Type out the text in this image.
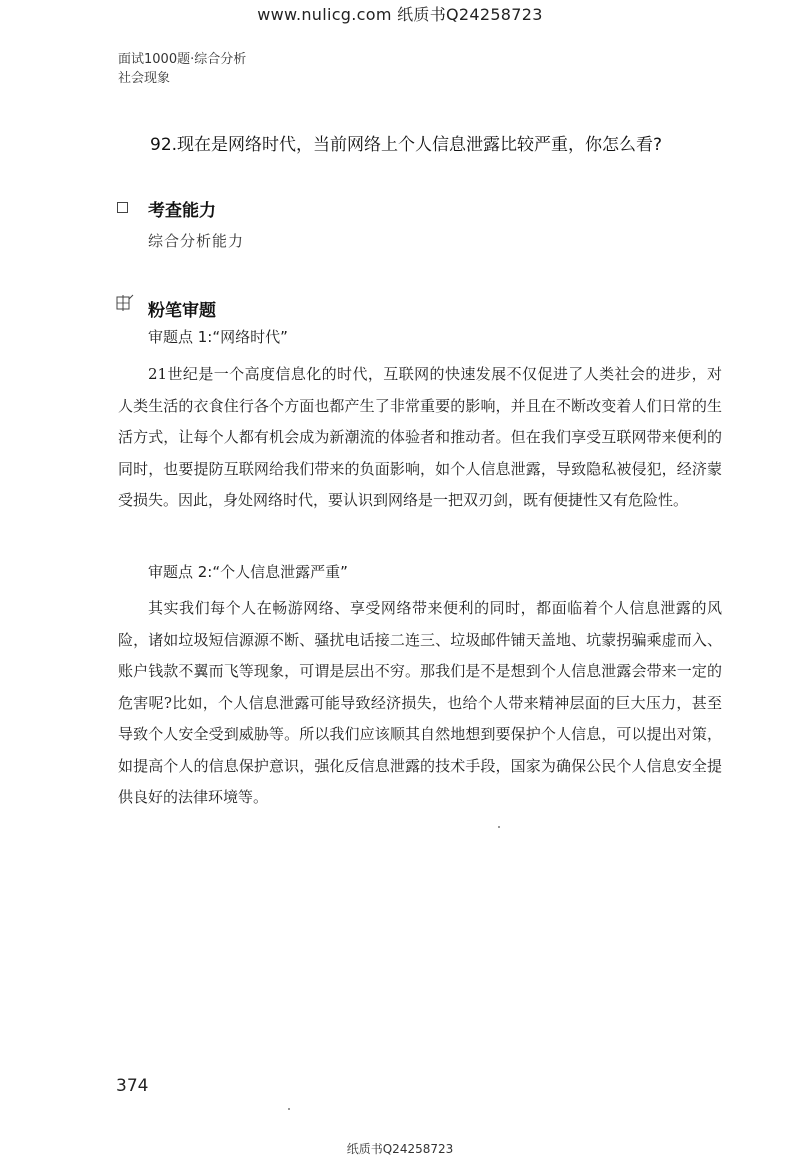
www.nulicg.com 纸质书Q24258723
面试1000题·综合分析
社会现象
92.现在是网络时代，当前网络上个人信息泄露比较严重，你怎么看?
考查能力
综合分析能力
粉笔审题
审题点 1:“网络时代”
21世纪是一个高度信息化的时代，互联网的快速发展不仅促进了人类社会的进步，对人类生活的衣食住行各个方面也都产生了非常重要的影响，并且在不断改变着人们日常的生活方式，让每个人都有机会成为新潮流的体验者和推动者。但在我们享受互联网带来便利的同时，也要提防互联网给我们带来的负面影响，如个人信息泄露，导致隐私被侵犯，经济蒙受损失。因此，身处网络时代，要认识到网络是一把双刃剑，既有便捷性又有危险性。
审题点 2:“个人信息泄露严重”
其实我们每个人在畅游网络、享受网络带来便利的同时，都面临着个人信息泄露的风险，诸如垃圾短信源源不断、骚扰电话接二连三、垃圾邮件铺天盖地、坑蒙拐骗乘虚而入、账户钱款不翼而飞等现象，可谓是层出不穷。那我们是不是想到个人信息泄露会带来一定的危害呢?比如，个人信息泄露可能导致经济损失，也给个人带来精神层面的巨大压力，甚至导致个人安全受到威胁等。所以我们应该顺其自然地想到要保护个人信息，可以提出对策，如提高个人的信息保护意识，强化反信息泄露的技术手段，国家为确保公民个人信息安全提供良好的法律环境等。
374
纸质书Q24258723
